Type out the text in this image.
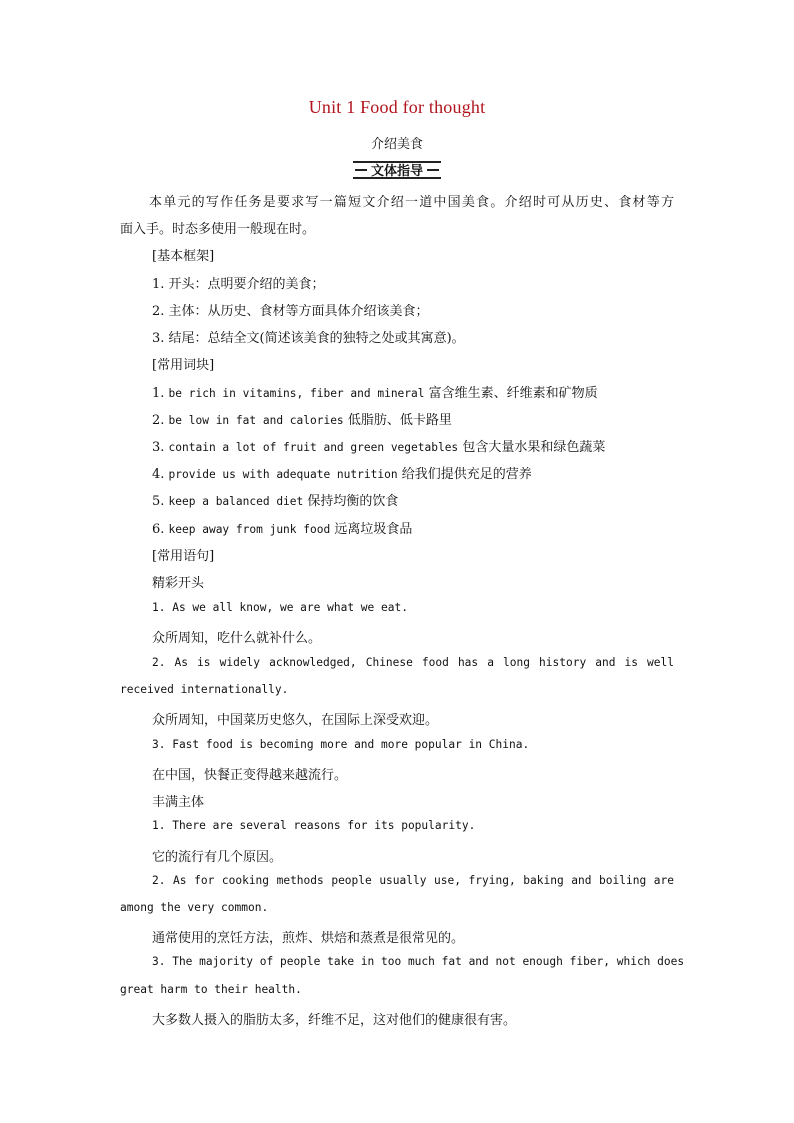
Unit 1 Food for thought
介绍美食
文体指导
本单元的写作任务是要求写一篇短文介绍一道中国美食。介绍时可从历史、食材等方
面入手。时态多使用一般现在时。
[基本框架]
1. 开头：点明要介绍的美食；
2. 主体：从历史、食材等方面具体介绍该美食；
3. 结尾：总结全文(简述该美食的独特之处或其寓意)。
[常用词块]
1. be rich in vitamins, fiber and mineral 富含维生素、纤维素和矿物质
2. be low in fat and calories 低脂肪、低卡路里
3. contain a lot of fruit and green vegetables 包含大量水果和绿色蔬菜
4. provide us with adequate nutrition 给我们提供充足的营养
5. keep a balanced diet 保持均衡的饮食
6. keep away from junk food 远离垃圾食品
[常用语句]
精彩开头
1. As we all know, we are what we eat.
众所周知，吃什么就补什么。
2. As is widely acknowledged, Chinese food has a long history and is well
received internationally.
众所周知，中国菜历史悠久，在国际上深受欢迎。
3. Fast food is becoming more and more popular in China.
在中国，快餐正变得越来越流行。
丰满主体
1. There are several reasons for its popularity.
它的流行有几个原因。
2. As for cooking methods people usually use, frying, baking and boiling are
among the very common.
通常使用的烹饪方法，煎炸、烘焙和蒸煮是很常见的。
3. The majority of people take in too much fat and not enough fiber, which does
great harm to their health.
大多数人摄入的脂肪太多，纤维不足，这对他们的健康很有害。
